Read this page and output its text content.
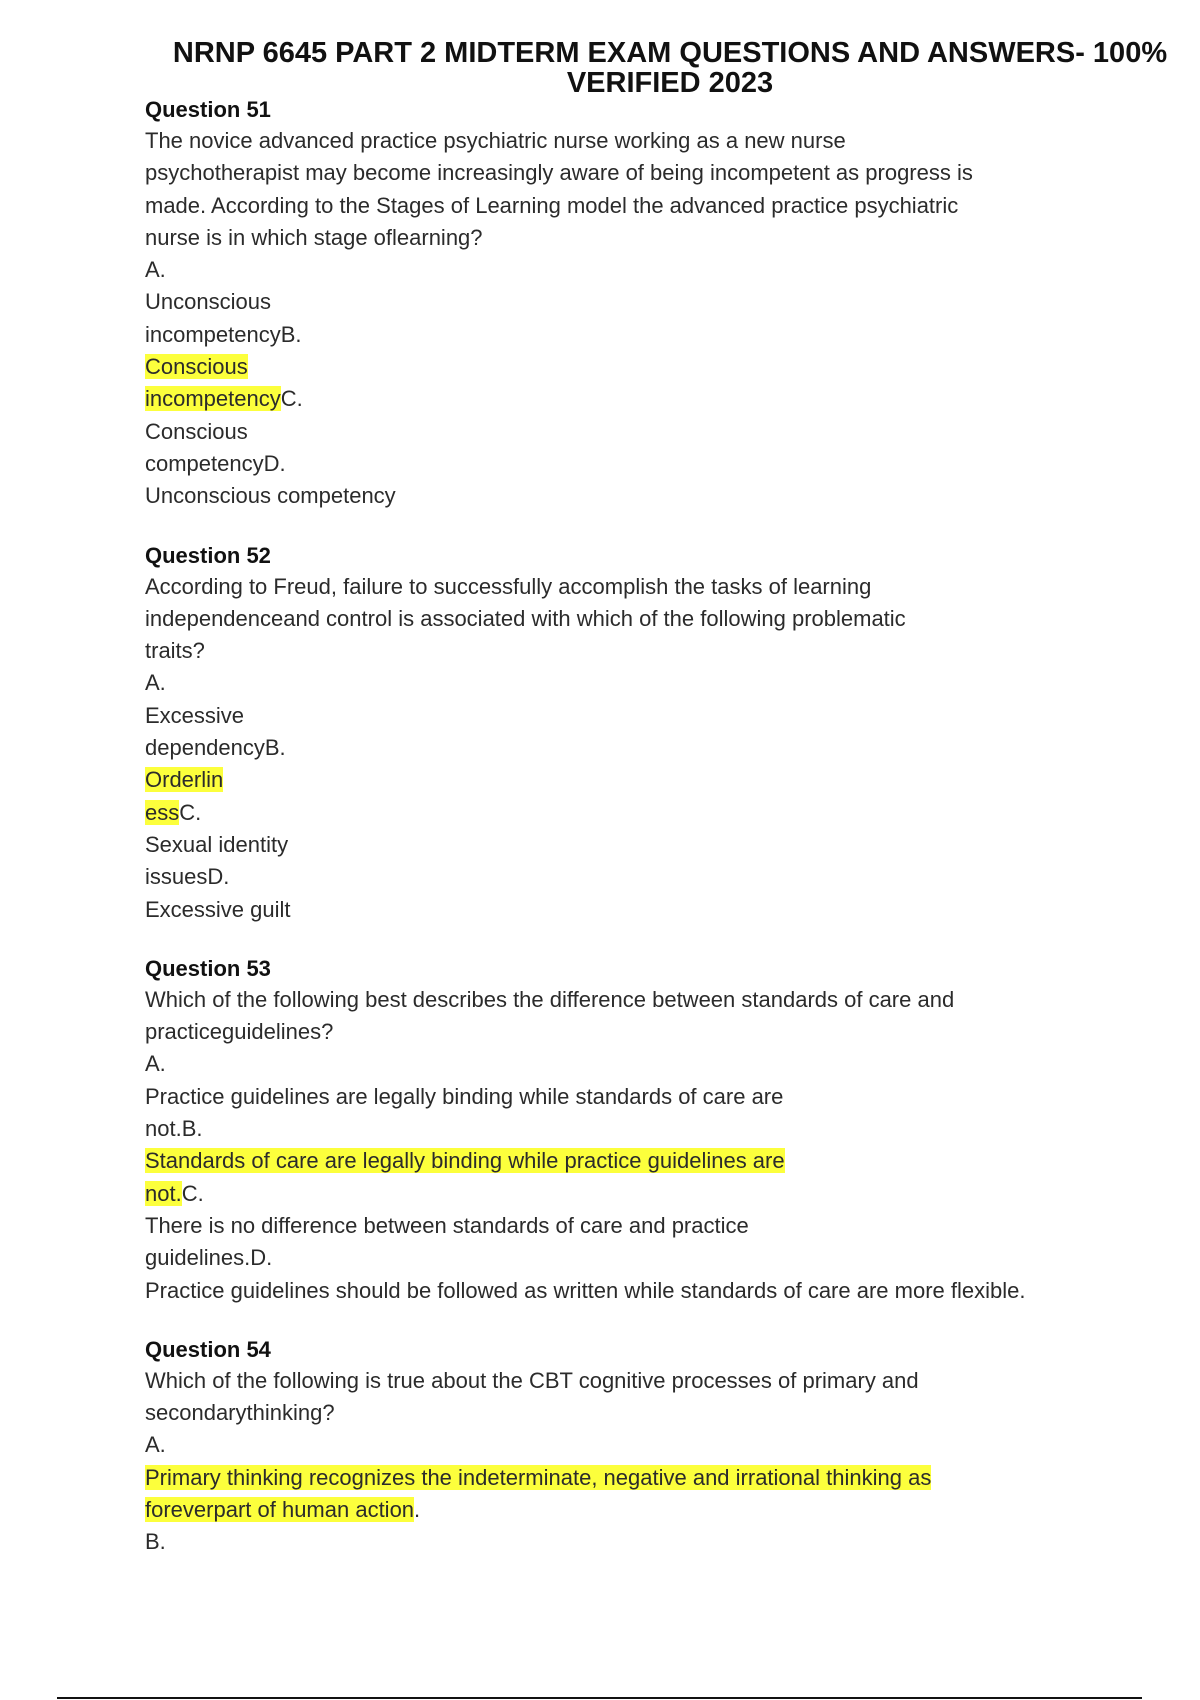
NRNP 6645 PART 2 MIDTERM EXAM QUESTIONS AND ANSWERS- 100%
VERIFIED 2023
Question 51
The novice advanced practice psychiatric nurse working as a new nurse
psychotherapist may become increasingly aware of being incompetent as progress is
made. According to the Stages of Learning model the advanced practice psychiatric
nurse is in which stage oflearning?
A.
Unconscious
incompetencyB.
Conscious
incompetencyC.
Conscious
competencyD.
Unconscious competency
Question 52
According to Freud, failure to successfully accomplish the tasks of learning
independenceand control is associated with which of the following problematic
traits?
A.
Excessive
dependencyB.
Orderlin
essC.
Sexual identity
issuesD.
Excessive guilt
Question 53
Which of the following best describes the difference between standards of care and
practiceguidelines?
A.
Practice guidelines are legally binding while standards of care are
not.B.
Standards of care are legally binding while practice guidelines are
not.C.
There is no difference between standards of care and practice
guidelines.D.
Practice guidelines should be followed as written while standards of care are more flexible.
Question 54
Which of the following is true about the CBT cognitive processes of primary and
secondarythinking?
A.
Primary thinking recognizes the indeterminate, negative and irrational thinking as
foreverpart of human action.
B.
